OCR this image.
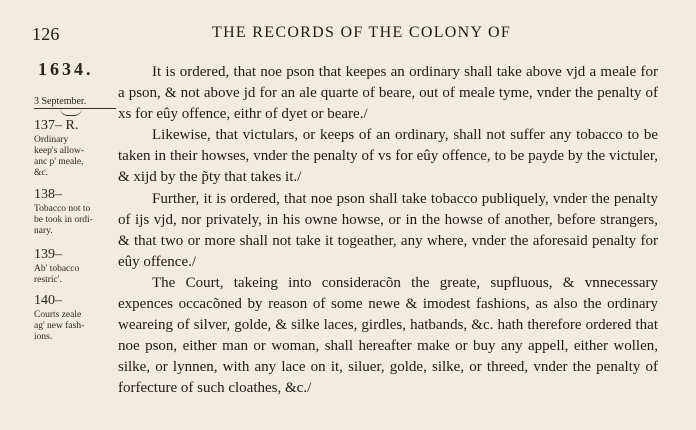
126	THE RECORDS OF THE COLONY OF
1634.
3 September.
137– R.
Ordinary
keep's allow-
anc p' meale,
&c.
138–
Tobacco not to
be took in ordi-
nary.
139–
Ab' tobacco
restric'.
140–
Courts zeale
ag' new fash-
ions.

It is ordered, that noe pson that keepes an ordinary shall take above vjd a meale for a pson, & not above jd for an ale quarte of beare, out of meale tyme, vnder the penalty of xs for eûy offence, eithr of dyet or beare./

Likewise, that victulars, or keeps of an ordinary, shall not suffer any tobacco to be taken in their howses, vnder the penalty of vs for eûy offence, to be payde by the victuler, & xijd by the p̃ty that takes it./

Further, it is ordered, that noe pson shall take tobacco publiquely, vnder the penalty of ijs vjd, nor privately, in his owne howse, or in the howse of another, before strangers, & that two or more shall not take it togeather, any where, vnder the aforesaid penalty for eûy offence./

The Court, takeing into consideracõn the greate, supfluous, & vnnecessary expences occacõned by reason of some newe & imodest fashions, as also the ordinary weareing of silver, golde, & silke laces, girdles, hatbands, &c. hath therefore ordered that noe pson, either man or woman, shall hereafter make or buy any appell, either wollen, silke, or lynnen, with any lace on it, siluer, golde, silke, or threed, vnder the penalty of forfecture of such cloathes, &c./
